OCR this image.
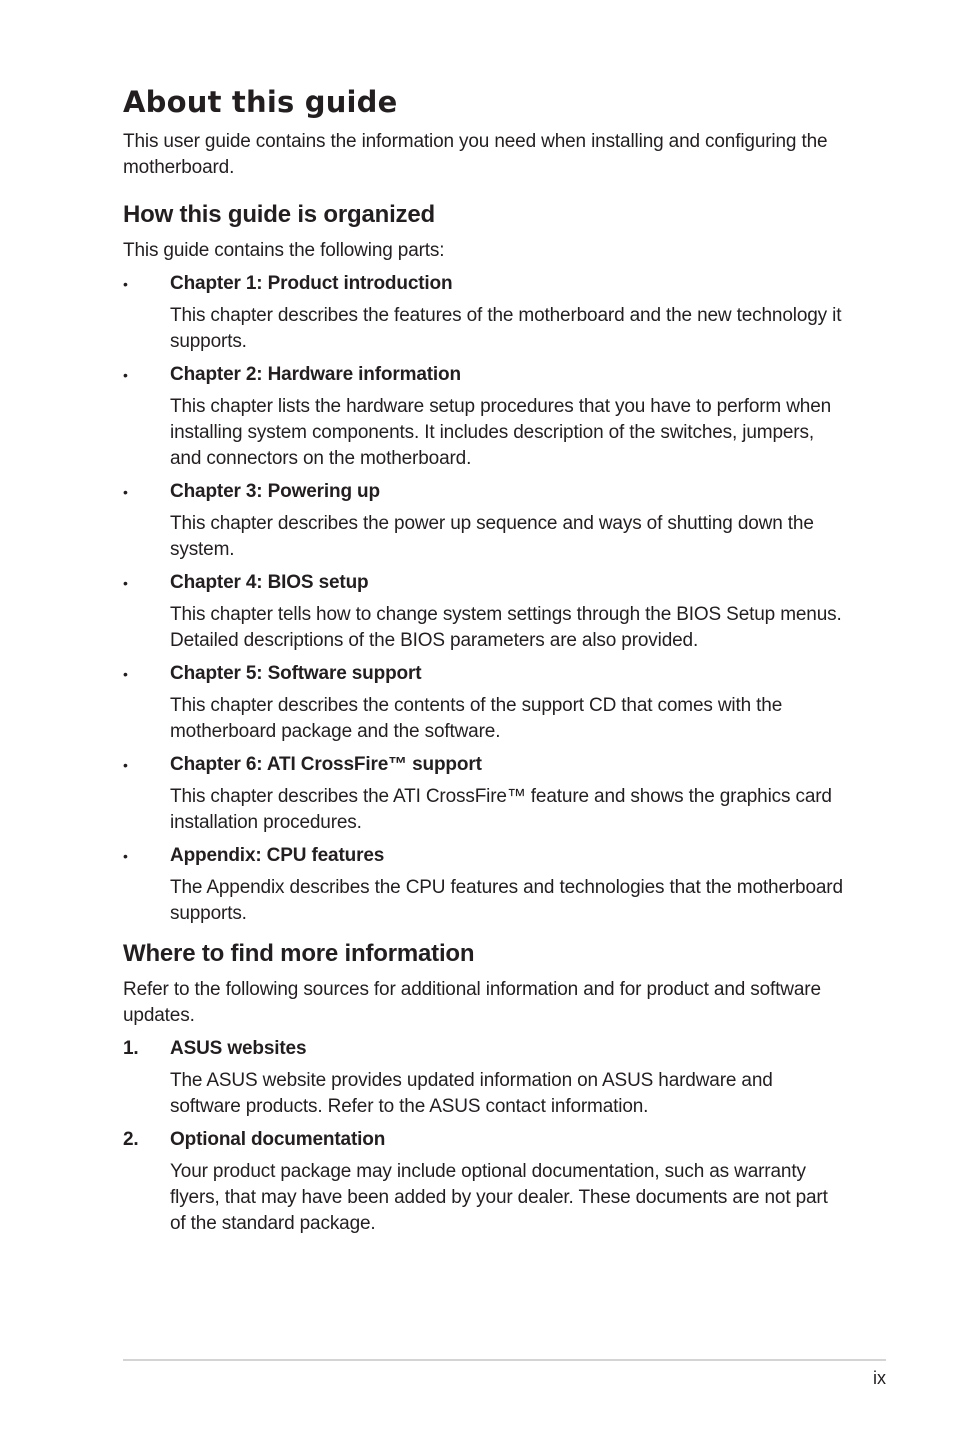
About this guide

This user guide contains the information you need when installing and configuring the motherboard.

How this guide is organized

This guide contains the following parts:

•	Chapter 1: Product introduction

This chapter describes the features of the motherboard and the new technology it supports.

•	Chapter 2: Hardware information

This chapter lists the hardware setup procedures that you have to perform when installing system components. It includes description of the switches, jumpers, and connectors on the motherboard.

•	Chapter 3: Powering up

This chapter describes the power up sequence and ways of shutting down the system.

•	Chapter 4: BIOS setup

This chapter tells how to change system settings through the BIOS Setup menus. Detailed descriptions of the BIOS parameters are also provided.

•	Chapter 5: Software support

This chapter describes the contents of the support CD that comes with the motherboard package and the software.

•	Chapter 6: ATI CrossFire™ support

This chapter describes the ATI CrossFire™ feature and shows the graphics card installation procedures.

•	Appendix: CPU features

The Appendix describes the CPU features and technologies that the motherboard supports.

Where to find more information

Refer to the following sources for additional information and for product and software updates.

1.	ASUS websites

The ASUS website provides updated information on ASUS hardware and software products. Refer to the ASUS contact information.

2.	Optional documentation

Your product package may include optional documentation, such as warranty flyers, that may have been added by your dealer. These documents are not part of the standard package.

ix
